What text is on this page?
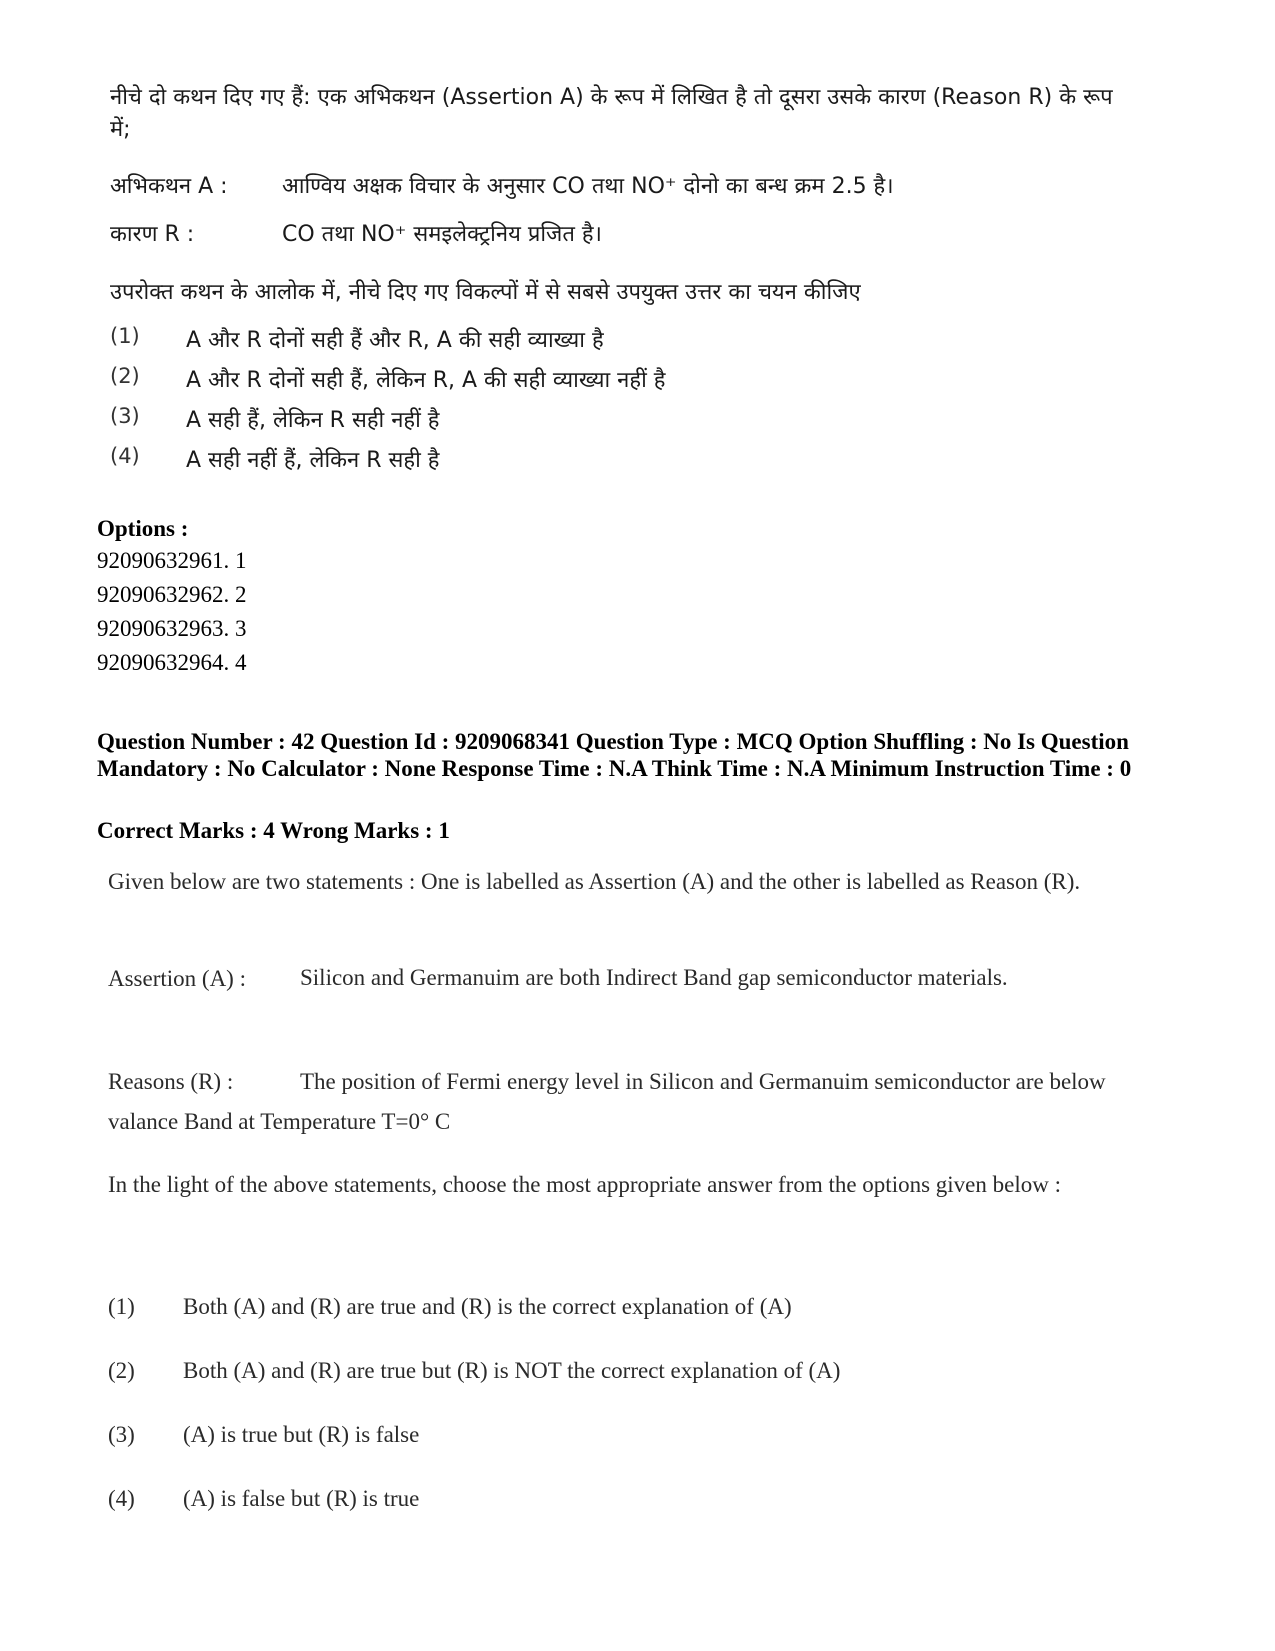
नीचे दो कथन दिए गए हैं: एक अभिकथन (Assertion A) के रूप में लिखित है तो दूसरा उसके कारण (Reason R) के रूप में;
अभिकथन A : आण्विय अक्षक विचार के अनुसार CO तथा NO⁺ दोनो का बन्ध क्रम 2.5 है।
कारण R :	CO तथा NO⁺ समइलेक्ट्रनिय प्रजित है।
उपरोक्त कथन के आलोक में, नीचे दिए गए विकल्पों में से सबसे उपयुक्त उत्तर का चयन कीजिए
(1) A और R दोनों सही हैं और R, A की सही व्याख्या है
(2) A और R दोनों सही हैं, लेकिन R, A की सही व्याख्या नहीं है
(3) A सही हैं, लेकिन R सही नहीं है
(4) A सही नहीं हैं, लेकिन R सही है
Options :
92090632961. 1
92090632962. 2
92090632963. 3
92090632964. 4
Question Number : 42 Question Id : 9209068341 Question Type : MCQ Option Shuffling : No Is Question Mandatory : No Calculator : None Response Time : N.A Think Time : N.A Minimum Instruction Time : 0
Correct Marks : 4 Wrong Marks : 1
Given below are two statements : One is labelled as Assertion (A) and the other is labelled as Reason (R).
Assertion (A) : Silicon and Germanuim are both Indirect Band gap semiconductor materials.
Reasons (R) :	The position of Fermi energy level in Silicon and Germanuim semiconductor are below valance Band at Temperature T=0° C
In the light of the above statements, choose the most appropriate answer from the options given below :
(1) Both (A) and (R) are true and (R) is the correct explanation of (A)
(2) Both (A) and (R) are true but (R) is NOT the correct explanation of (A)
(3) (A) is true but (R) is false
(4) (A) is false but (R) is true
